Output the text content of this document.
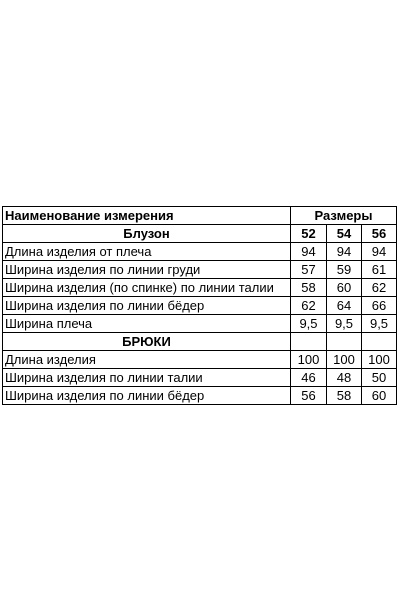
Наименование измерения	Размеры		
Блузон	52	54	56
Длина изделия от плеча	94	94	94
Ширина изделия по линии груди	57	59	61
Ширина изделия (по спинке) по линии талии	58	60	62
Ширина изделия по линии бёдер	62	64	66
Ширина плеча	9,5	9,5	9,5
БРЮКИ			
Длина изделия	100	100	100
Ширина изделия по линии талии	46	48	50
Ширина изделия по линии бёдер	56	58	60
